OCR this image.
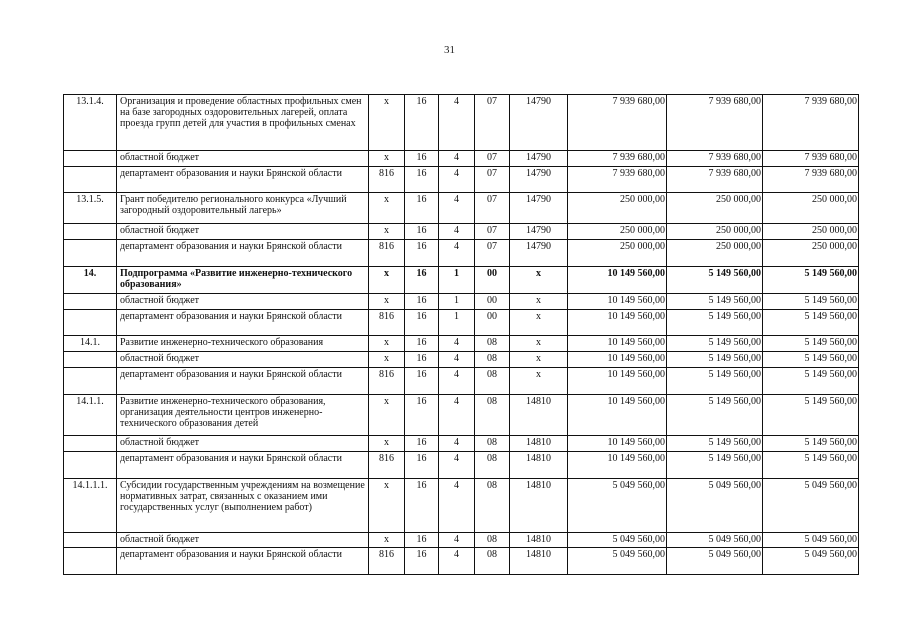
31
13.1.4.	Организация и проведение областных профильных смен на базе загородных оздоровительных лагерей, оплата проезда групп детей для участия в профильных сменах	x	16	4	07	14790	7 939 680,00	7 939 680,00	7 939 680,00
	областной бюджет	x	16	4	07	14790	7 939 680,00	7 939 680,00	7 939 680,00
	департамент образования и науки Брянской области	816	16	4	07	14790	7 939 680,00	7 939 680,00	7 939 680,00
13.1.5.	Грант победителю регионального конкурса «Лучший загородный оздоровительный лагерь»	x	16	4	07	14790	250 000,00	250 000,00	250 000,00
	областной бюджет	x	16	4	07	14790	250 000,00	250 000,00	250 000,00
	департамент образования и науки Брянской области	816	16	4	07	14790	250 000,00	250 000,00	250 000,00
14.	Подпрограмма «Развитие инженерно-технического образования»	x	16	1	00	x	10 149 560,00	5 149 560,00	5 149 560,00
	областной бюджет	x	16	1	00	x	10 149 560,00	5 149 560,00	5 149 560,00
	департамент образования и науки Брянской области	816	16	1	00	x	10 149 560,00	5 149 560,00	5 149 560,00
14.1.	Развитие инженерно-технического образования	x	16	4	08	x	10 149 560,00	5 149 560,00	5 149 560,00
	областной бюджет	x	16	4	08	x	10 149 560,00	5 149 560,00	5 149 560,00
	департамент образования и науки Брянской области	816	16	4	08	x	10 149 560,00	5 149 560,00	5 149 560,00
14.1.1.	Развитие инженерно-технического образования, организация деятельности центров инженерно-технического образования детей	x	16	4	08	14810	10 149 560,00	5 149 560,00	5 149 560,00
	областной бюджет	x	16	4	08	14810	10 149 560,00	5 149 560,00	5 149 560,00
	департамент образования и науки Брянской области	816	16	4	08	14810	10 149 560,00	5 149 560,00	5 149 560,00
14.1.1.1.	Субсидии государственным учреждениям на возмещение нормативных затрат, связанных с оказанием ими государственных услуг (выполнением работ)	x	16	4	08	14810	5 049 560,00	5 049 560,00	5 049 560,00
	областной бюджет	x	16	4	08	14810	5 049 560,00	5 049 560,00	5 049 560,00
	департамент образования и науки Брянской области	816	16	4	08	14810	5 049 560,00	5 049 560,00	5 049 560,00
